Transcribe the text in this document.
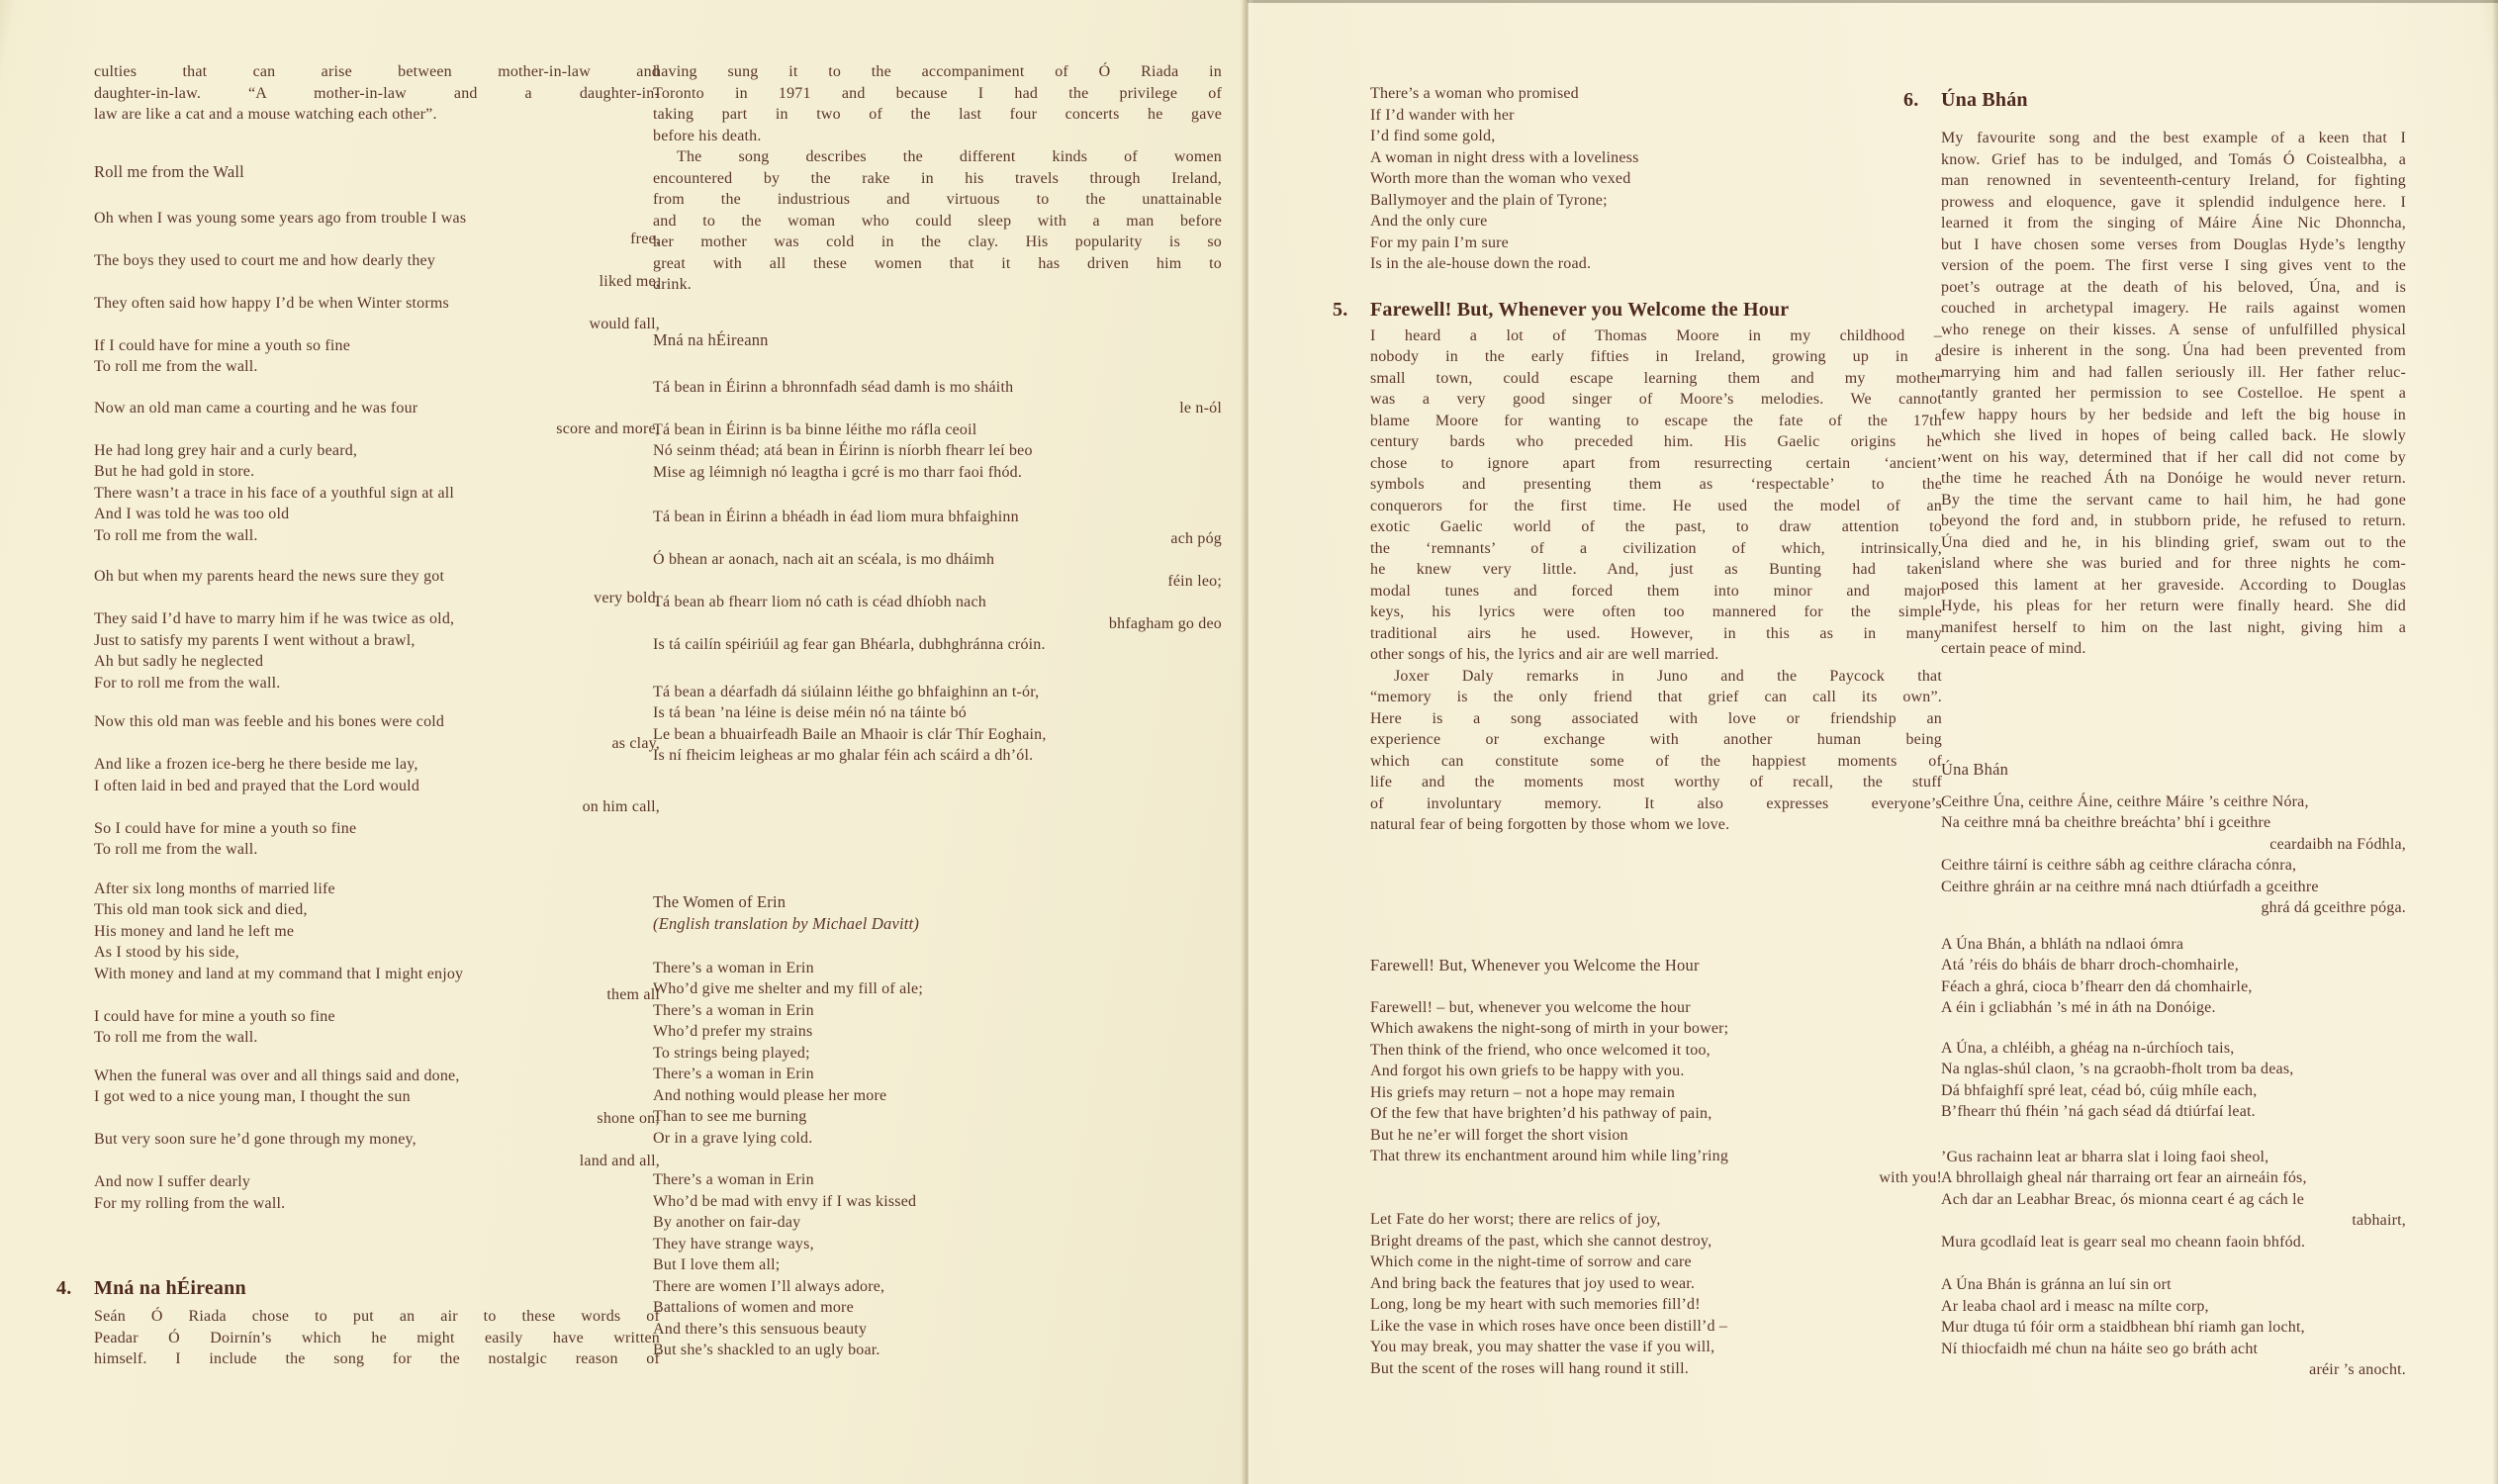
culties that can arise between mother-in-law and
daughter-in-law. “A mother-in-law and a daughter-in-
law are like a cat and a mouse watching each other”.
Roll me from the Wall
Oh when I was young some years ago from trouble I was
free,
The boys they used to court me and how dearly they
liked me,
They often said how happy I’d be when Winter storms
would fall,
If I could have for mine a youth so fine
To roll me from the wall.
Now an old man came a courting and he was four
score and more,
He had long grey hair and a curly beard,
But he had gold in store.
There wasn’t a trace in his face of a youthful sign at all
And I was told he was too old
To roll me from the wall.
Oh but when my parents heard the news sure they got
very bold,
They said I’d have to marry him if he was twice as old,
Just to satisfy my parents I went without a brawl,
Ah but sadly he neglected
For to roll me from the wall.
Now this old man was feeble and his bones were cold
as clay,
And like a frozen ice-berg he there beside me lay,
I often laid in bed and prayed that the Lord would
on him call,
So I could have for mine a youth so fine
To roll me from the wall.
After six long months of married life
This old man took sick and died,
His money and land he left me
As I stood by his side,
With money and land at my command that I might enjoy
them all
I could have for mine a youth so fine
To roll me from the wall.
When the funeral was over and all things said and done,
I got wed to a nice young man, I thought the sun
shone on;
But very soon sure he’d gone through my money,
land and all,
And now I suffer dearly
For my rolling from the wall.
4. Mná na hÉireann
Seán Ó Riada chose to put an air to these words of
Peadar Ó Doirnín’s which he might easily have written
himself. I include the song for the nostalgic reason of
having sung it to the accompaniment of Ó Riada in
Toronto in 1971 and because I had the privilege of
taking part in two of the last four concerts he gave
before his death.
The song describes the different kinds of women
encountered by the rake in his travels through Ireland,
from the industrious and virtuous to the unattainable
and to the woman who could sleep with a man before
her mother was cold in the clay. His popularity is so
great with all these women that it has driven him to
drink.
Mná na hÉireann
Tá bean in Éirinn a bhronnfadh séad damh is mo sháith
le n-ól
Tá bean in Éirinn is ba binne léithe mo ráfla ceoil
Nó seinm théad; atá bean in Éirinn is níorbh fhearr leí beo
Mise ag léimnigh nó leagtha i gcré is mo tharr faoi fhód.
Tá bean in Éirinn a bhéadh in éad liom mura bhfaighinn
ach póg
Ó bhean ar aonach, nach ait an scéala, is mo dháimh
féin leo;
Tá bean ab fhearr liom nó cath is céad dhíobh nach
bhfagham go deo
Is tá cailín spéiriúil ag fear gan Bhéarla, dubhghránna cróin.
Tá bean a déarfadh dá siúlainn léithe go bhfaighinn an t-ór,
Is tá bean ’na léine is deise méin nó na táinte bó
Le bean a bhuairfeadh Baile an Mhaoir is clár Thír Eoghain,
Is ní fheicim leigheas ar mo ghalar féin ach scáird a dh’ól.
The Women of Erin
(English translation by Michael Davitt)
There’s a woman in Erin
Who’d give me shelter and my fill of ale;
There’s a woman in Erin
Who’d prefer my strains
To strings being played;
There’s a woman in Erin
And nothing would please her more
Than to see me burning
Or in a grave lying cold.
There’s a woman in Erin
Who’d be mad with envy if I was kissed
By another on fair-day
They have strange ways,
But I love them all;
There are women I’ll always adore,
Battalions of women and more
And there’s this sensuous beauty
But she’s shackled to an ugly boar.
There’s a woman who promised
If I’d wander with her
I’d find some gold,
A woman in night dress with a loveliness
Worth more than the woman who vexed
Ballymoyer and the plain of Tyrone;
And the only cure
For my pain I’m sure
Is in the ale-house down the road.
5. Farewell! But, Whenever you Welcome the Hour
I heard a lot of Thomas Moore in my childhood –
nobody in the early fifties in Ireland, growing up in a
small town, could escape learning them and my mother
was a very good singer of Moore’s melodies. We cannot
blame Moore for wanting to escape the fate of the 17th
century bards who preceded him. His Gaelic origins he
chose to ignore apart from resurrecting certain ‘ancient’
symbols and presenting them as ‘respectable’ to the
conquerors for the first time. He used the model of an
exotic Gaelic world of the past, to draw attention to
the ‘remnants’ of a civilization of which, intrinsically,
he knew very little. And, just as Bunting had taken
modal tunes and forced them into minor and major
keys, his lyrics were often too mannered for the simple
traditional airs he used. However, in this as in many
other songs of his, the lyrics and air are well married.
Joxer Daly remarks in Juno and the Paycock that
“memory is the only friend that grief can call its own”.
Here is a song associated with love or friendship an
experience or exchange with another human being
which can constitute some of the happiest moments of
life and the moments most worthy of recall, the stuff
of involuntary memory. It also expresses everyone’s
natural fear of being forgotten by those whom we love.
Farewell! But, Whenever you Welcome the Hour
Farewell! – but, whenever you welcome the hour
Which awakens the night-song of mirth in your bower;
Then think of the friend, who once welcomed it too,
And forgot his own griefs to be happy with you.
His griefs may return – not a hope may remain
Of the few that have brighten’d his pathway of pain,
But he ne’er will forget the short vision
That threw its enchantment around him while ling’ring
with you!
Let Fate do her worst; there are relics of joy,
Bright dreams of the past, which she cannot destroy,
Which come in the night-time of sorrow and care
And bring back the features that joy used to wear.
Long, long be my heart with such memories fill’d!
Like the vase in which roses have once been distill’d –
You may break, you may shatter the vase if you will,
But the scent of the roses will hang round it still.
6. Úna Bhán
My favourite song and the best example of a keen that I
know. Grief has to be indulged, and Tomás Ó Coistealbha, a
man renowned in seventeenth-century Ireland, for fighting
prowess and eloquence, gave it splendid indulgence here. I
learned it from the singing of Máire Áine Nic Dhonncha,
but I have chosen some verses from Douglas Hyde’s lengthy
version of the poem. The first verse I sing gives vent to the
poet’s outrage at the death of his beloved, Úna, and is
couched in archetypal imagery. He rails against women
who renege on their kisses. A sense of unfulfilled physical
desire is inherent in the song. Úna had been prevented from
marrying him and had fallen seriously ill. Her father reluc-
tantly granted her permission to see Costelloe. He spent a
few happy hours by her bedside and left the big house in
which she lived in hopes of being called back. He slowly
went on his way, determined that if her call did not come by
the time he reached Áth na Donóige he would never return.
By the time the servant came to hail him, he had gone
beyond the ford and, in stubborn pride, he refused to return.
Úna died and he, in his blinding grief, swam out to the
island where she was buried and for three nights he com-
posed this lament at her graveside. According to Douglas
Hyde, his pleas for her return were finally heard. She did
manifest herself to him on the last night, giving him a
certain peace of mind.
Úna Bhán
Ceithre Úna, ceithre Áine, ceithre Máire ’s ceithre Nóra,
Na ceithre mná ba cheithre breáchta’ bhí i gceithre
ceardaibh na Fódhla,
Ceithre táirní is ceithre sábh ag ceithre cláracha cónra,
Ceithre ghráin ar na ceithre mná nach dtiúrfadh a gceithre
ghrá dá gceithre póga.
A Úna Bhán, a bhláth na ndlaoi ómra
Atá ’réis do bháis de bharr droch-chomhairle,
Féach a ghrá, cioca b’fhearr den dá chomhairle,
A éin i gcliabhán ’s mé in áth na Donóige.
A Úna, a chléibh, a ghéag na n-úrchíoch tais,
Na nglas-shúl claon, ’s na gcraobh-fholt trom ba deas,
Dá bhfaighfí spré leat, céad bó, cúig mhíle each,
B’fhearr thú fhéin ’ná gach séad dá dtiúrfaí leat.
’Gus rachainn leat ar bharra slat i loing faoi sheol,
A bhrollaigh gheal nár tharraing ort fear an airneáin fós,
Ach dar an Leabhar Breac, ós mionna ceart é ag cách le
tabhairt,
Mura gcodlaíd leat is gearr seal mo cheann faoin bhfód.
A Úna Bhán is gránna an luí sin ort
Ar leaba chaol ard i measc na mílte corp,
Mur dtuga tú fóir orm a staidbhean bhí riamh gan locht,
Ní thiocfaidh mé chun na háite seo go bráth acht
aréir ’s anocht.
